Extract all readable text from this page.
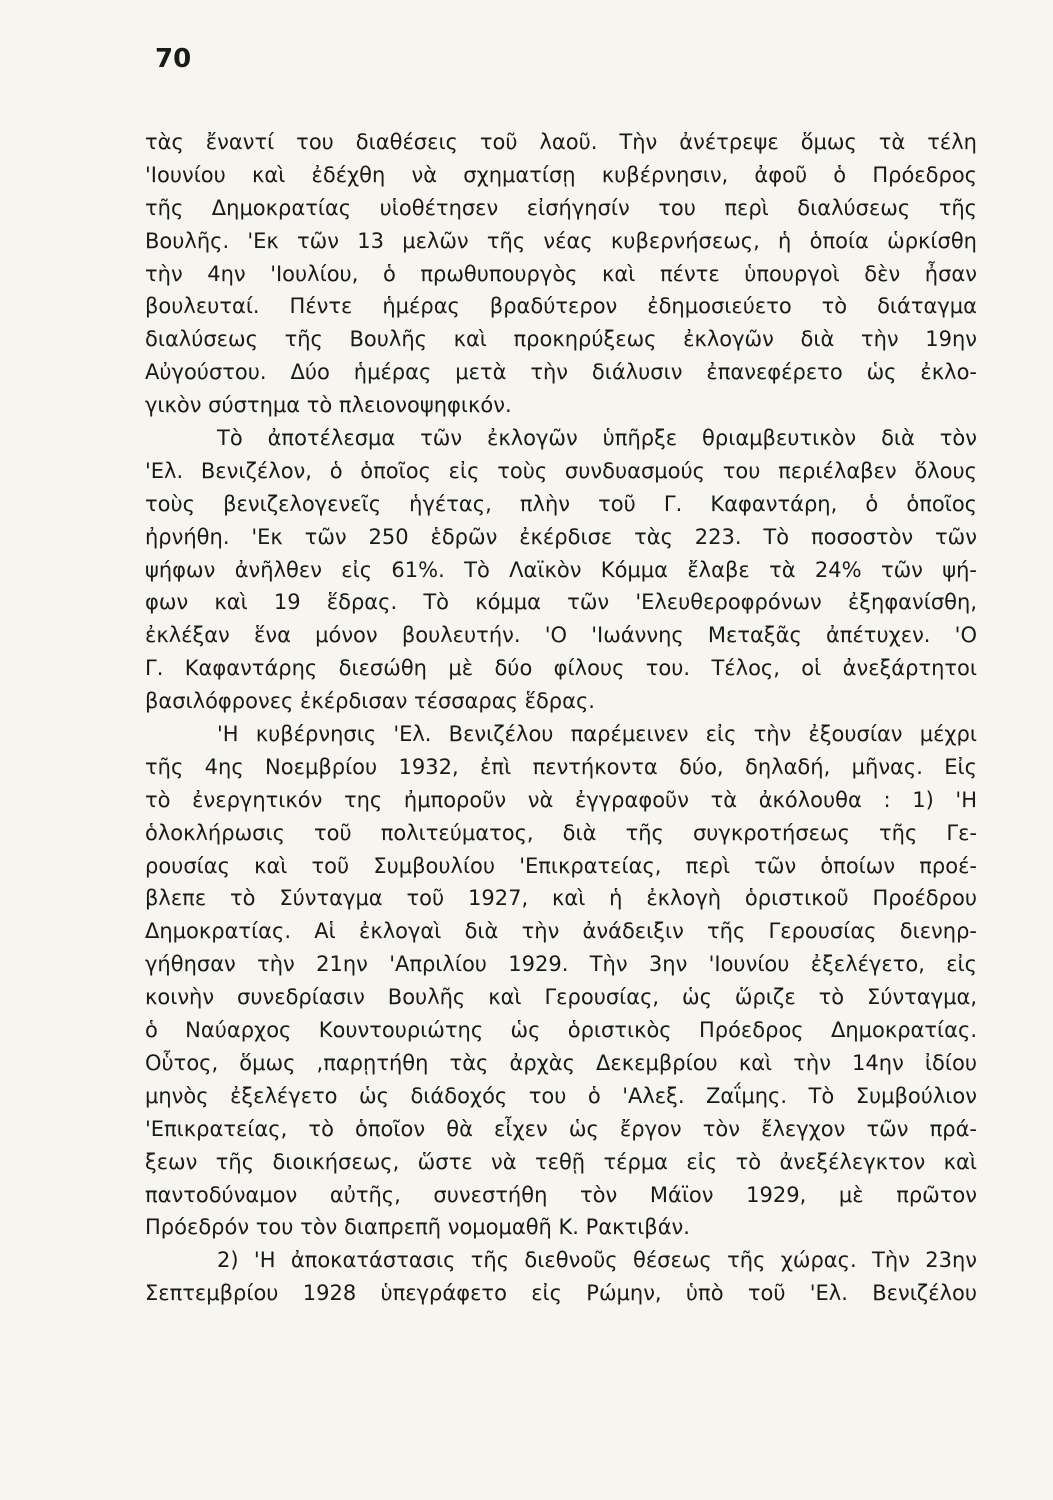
70
τὰς ἔναντί του διαθέσεις τοῦ λαοῦ. Τὴν ἀνέτρεψε ὅμως τὰ τέλη
'Ιουνίου καὶ ἐδέχθη νὰ σχηματίσῃ κυβέρνησιν, ἀφοῦ ὁ Πρόεδρος
τῆς Δημοκρατίας υἱοθέτησεν εἰσήγησίν του περὶ διαλύσεως τῆς
Βουλῆς. 'Εκ τῶν 13 μελῶν τῆς νέας κυβερνήσεως, ἡ ὁποία ὡρκίσθη
τὴν 4ην 'Ιουλίου, ὁ πρωθυπουργὸς καὶ πέντε ὑπουργοὶ δὲν ἦσαν
βουλευταί. Πέντε ἡμέρας βραδύτερον ἐδημοσιεύετο τὸ διάταγμα
διαλύσεως τῆς Βουλῆς καὶ προκηρύξεως ἐκλογῶν διὰ τὴν 19ην
Αὐγούστου. Δύο ἡμέρας μετὰ τὴν διάλυσιν ἐπανεφέρετο ὡς ἐκλο-
γικὸν σύστημα τὸ πλειονοψηφικόν.
Τὸ ἀποτέλεσμα τῶν ἐκλογῶν ὑπῆρξε θριαμβευτικὸν διὰ τὸν
'Ελ. Βενιζέλον, ὁ ὁποῖος εἰς τοὺς συνδυασμούς του περιέλαβεν ὅλους
τοὺς βενιζελογενεῖς ἡγέτας, πλὴν τοῦ Γ. Καφαντάρη, ὁ ὁποῖος
ἠρνήθη. 'Εκ τῶν 250 ἑδρῶν ἐκέρδισε τὰς 223. Τὸ ποσοστὸν τῶν
ψήφων ἀνῆλθεν εἰς 61%. Τὸ Λαϊκὸν Κόμμα ἔλαβε τὰ 24% τῶν ψή-
φων καὶ 19 ἕδρας. Τὸ κόμμα τῶν 'Ελευθεροφρόνων ἐξηφανίσθη,
ἐκλέξαν ἕνα μόνον βουλευτήν. 'Ο 'Ιωάννης Μεταξᾶς ἀπέτυχεν. 'Ο
Γ. Καφαντάρης διεσώθη μὲ δύο φίλους του. Τέλος, οἱ ἀνεξάρτητοι
βασιλόφρονες ἐκέρδισαν τέσσαρας ἕδρας.
'Η κυβέρνησις 'Ελ. Βενιζέλου παρέμεινεν εἰς τὴν ἐξουσίαν μέχρι
τῆς 4ης Νοεμβρίου 1932, ἐπὶ πεντήκοντα δύο, δηλαδή, μῆνας. Εἰς
τὸ ἐνεργητικόν της ἠμποροῦν νὰ ἐγγραφοῦν τὰ ἀκόλουθα : 1) 'Η
ὁλοκλήρωσις τοῦ πολιτεύματος, διὰ τῆς συγκροτήσεως τῆς Γε-
ρουσίας καὶ τοῦ Συμβουλίου 'Επικρατείας, περὶ τῶν ὁποίων προέ-
βλεπε τὸ Σύνταγμα τοῦ 1927, καὶ ἡ ἐκλογὴ ὁριστικοῦ Προέδρου
Δημοκρατίας. Αἱ ἐκλογαὶ διὰ τὴν ἀνάδειξιν τῆς Γερουσίας διενηρ-
γήθησαν τὴν 21ην 'Απριλίου 1929. Τὴν 3ην 'Ιουνίου ἐξελέγετο, εἰς
κοινὴν συνεδρίασιν Βουλῆς καὶ Γερουσίας, ὡς ὥριζε τὸ Σύνταγμα,
ὁ Ναύαρχος Κουντουριώτης ὡς ὁριστικὸς Πρόεδρος Δημοκρατίας.
Οὗτος, ὅμως ,παρῃτήθη τὰς ἀρχὰς Δεκεμβρίου καὶ τὴν 14ην ἰδίου
μηνὸς ἐξελέγετο ὡς διάδοχός του ὁ 'Αλεξ. Ζαΐμης. Τὸ Συμβούλιον
'Επικρατείας, τὸ ὁποῖον θὰ εἶχεν ὡς ἔργον τὸν ἔλεγχον τῶν πρά-
ξεων τῆς διοικήσεως, ὥστε νὰ τεθῇ τέρμα εἰς τὸ ἀνεξέλεγκτον καὶ
παντοδύναμον αὐτῆς, συνεστήθη τὸν Μάϊον 1929, μὲ πρῶτον
Πρόεδρόν του τὸν διαπρεπῆ νομομαθῆ Κ. Ρακτιβάν.
2) 'Η ἀποκατάστασις τῆς διεθνοῦς θέσεως τῆς χώρας. Τὴν 23ην
Σεπτεμβρίου 1928 ὑπεγράφετο εἰς Ρώμην, ὑπὸ τοῦ 'Ελ. Βενιζέλου
